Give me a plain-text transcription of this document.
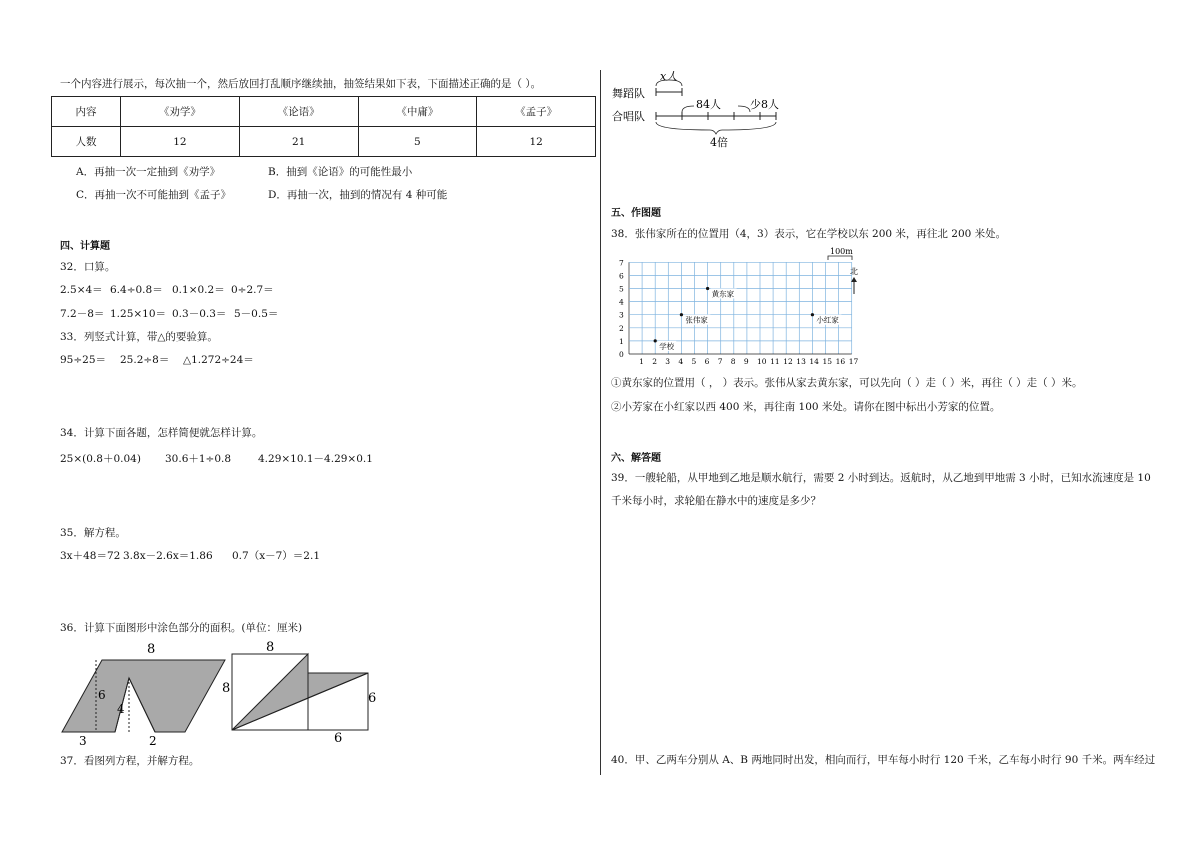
一个内容进行展示，每次抽一个，然后放回打乱顺序继续抽，抽签结果如下表，下面描述正确的是（ ）。
内容	《劝学》	《论语》	《中庸》	《孟子》
人数	12	21	5	12
A．再抽一次一定抽到《劝学》	B．抽到《论语》的可能性最小
C．再抽一次不可能抽到《孟子》	D．再抽一次，抽到的情况有 4 种可能
四、计算题
32．口算。
2.5×4＝ 6.4÷0.8＝ 0.1×0.2＝ 0÷2.7＝
7.2－8＝ 1.25×10＝ 0.3－0.3＝ 5－0.5＝
33．列竖式计算，带△的要验算。
95÷25＝ 25.2÷8＝ △1.272÷24＝
34．计算下面各题，怎样简便就怎样计算。
25×(0.8＋0.04) 30.6＋1÷0.8	4.29×10.1－4.29×0.1
35．解方程。
3x＋48＝72 3.8x－2.6x＝1.86 0.7（x－7）＝2.1
36．计算下面图形中涂色部分的面积。(单位：厘米)
8
6
4
3	2
8
8
6
6
37．看图列方程，并解方程。
舞蹈队
合唱队
x人
84人	少8人
4倍
五、作图题
38．张伟家所在的位置用（4，3）表示，它在学校以东 200 米，再往北 200 米处。
1 2 3 4 5 6 7 8 9 10 11 12 13 14 15 16 17
0
1
2
3
4
5
6
7
学校
张伟家
黄东家
小红家
100m
北
①黄东家的位置用（ ， ）表示。张伟从家去黄东家，可以先向（ ）走（ ）米，再往（ ）走（ ）米。
②小芳家在小红家以西 400 米，再往南 100 米处。请你在图中标出小芳家的位置。
六、解答题
39．一艘轮船，从甲地到乙地是顺水航行，需要 2 小时到达。返航时，从乙地到甲地需 3 小时，已知水流速度是 10
千米每小时，求轮船在静水中的速度是多少？
40．甲、乙两车分别从 A、B 两地同时出发，相向而行，甲车每小时行 120 千米，乙车每小时行 90 千米。两车经过
